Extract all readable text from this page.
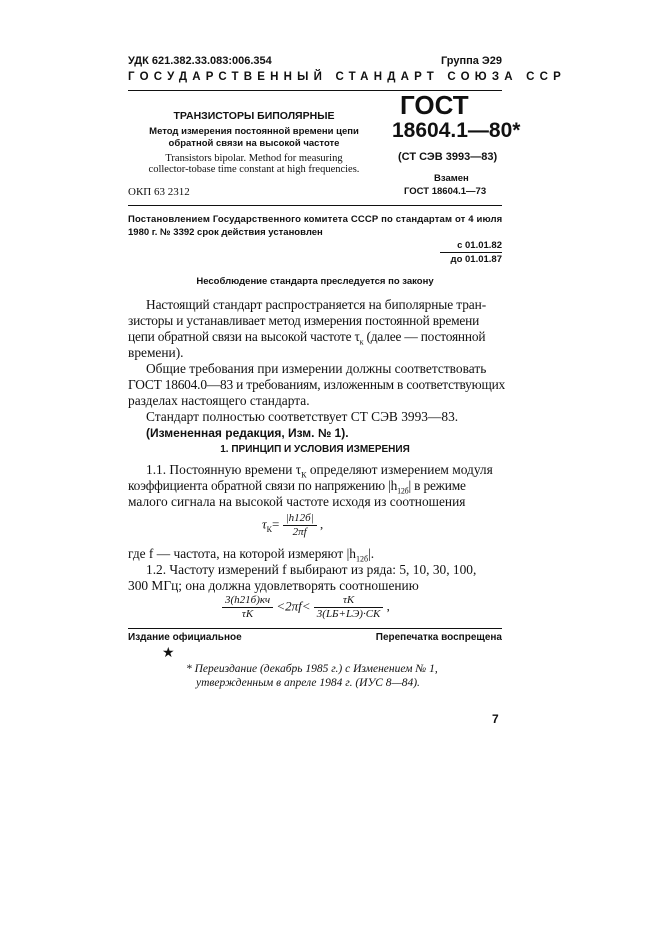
УДК 621.382.33.083:006.354	Группа Э29
ГОСУДАРСТВЕННЫЙ СТАНДАРТ СОЮЗА ССР
ТРАНЗИСТОРЫ БИПОЛЯРНЫЕ
Метод измерения постоянной времени цепи
обратной связи на высокой частоте
Transistors bipolar. Method for measuring
collector-tobase time constant at high frequencies.
ОКП 63 2312
ГОСТ
18604.1—80*
(СТ СЭВ 3993—83)
Взамен
ГОСТ 18604.1—73
Постановлением Государственного комитета СССР по стандартам от 4 июля
1980 г. № 3392 срок действия установлен
с 01.01.82
до 01.01.87
Несоблюдение стандарта преследуется по закону
Настоящий стандарт распространяется на биполярные тран-
зисторы и устанавливает метод измерения постоянной времени
цепи обратной связи на высокой частоте $\tau_к$ (далее — постоянной
времени).
Общие требования при измерении должны соответствовать
ГОСТ 18604.0—83 и требованиям, изложенным в соответствующих
разделах настоящего стандарта.
Стандарт полностью соответствует СТ СЭВ 3993—83.
(Измененная редакция, Изм. № 1).
1. ПРИНЦИП И УСЛОВИЯ ИЗМЕРЕНИЯ
1.1. Постоянную времени $\tau_К$ определяют измерением модуля
коэффициента обратной связи по напряжению $|h_{12б}|$ в режиме
малого сигнала на высокой частоте исходя из соотношения
$\tau_К= \frac{|h12б|}{2\pi f}$ ,
где f — частота, на которой измеряют $|h_{12б}|$.
1.2. Частоту измерений f выбирают из ряда: 5, 10, 30, 100,
300 МГц; она должна удовлетворять соотношению
$\frac{3(h21б)кч}{\tau К} <2\pi f< \frac{\tau К}{3(LБ+LЭ)\cdot CК}$ ,
Издание официальное	Перепечатка воспрещена
★
* Переиздание (декабрь 1985 г.) с Изменением № 1,
утвержденным в апреле 1984 г. (ИУС 8—84).
7
